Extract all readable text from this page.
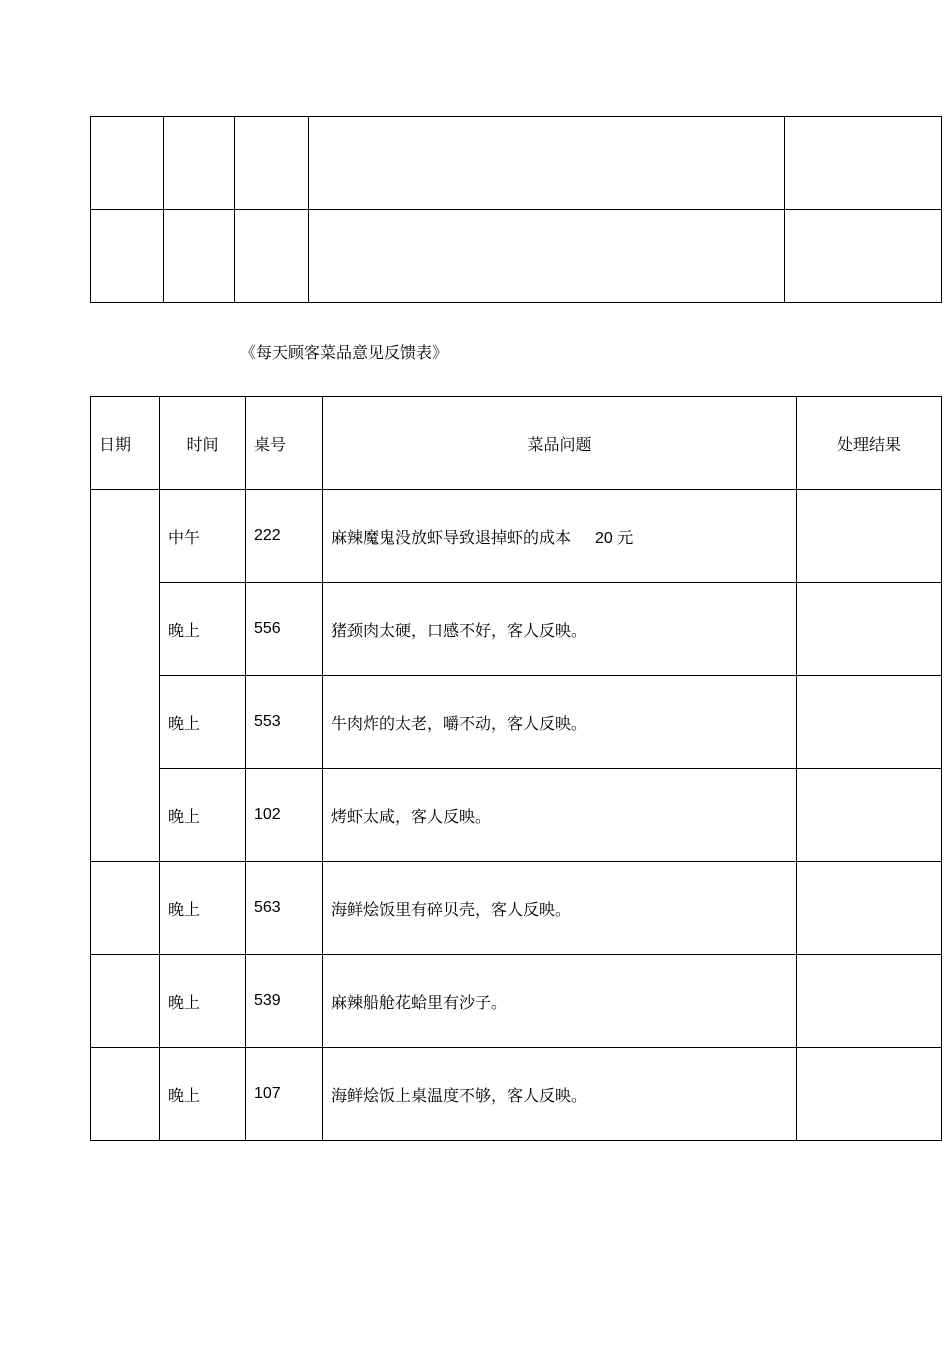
《每天顾客菜品意见反馈表》
日期	时间	桌号	菜品问题	处理结果
	中午	222	麻辣魔鬼没放虾导致退掉虾的成本 20 元	
	晚上	556	猪颈肉太硬，口感不好，客人反映。	
	晚上	553	牛肉炸的太老，嚼不动，客人反映。	
	晚上	102	烤虾太咸，客人反映。	
	晚上	563	海鲜烩饭里有碎贝壳，客人反映。	
	晚上	539	麻辣船舱花蛤里有沙子。	
	晚上	107	海鲜烩饭上桌温度不够，客人反映。	
